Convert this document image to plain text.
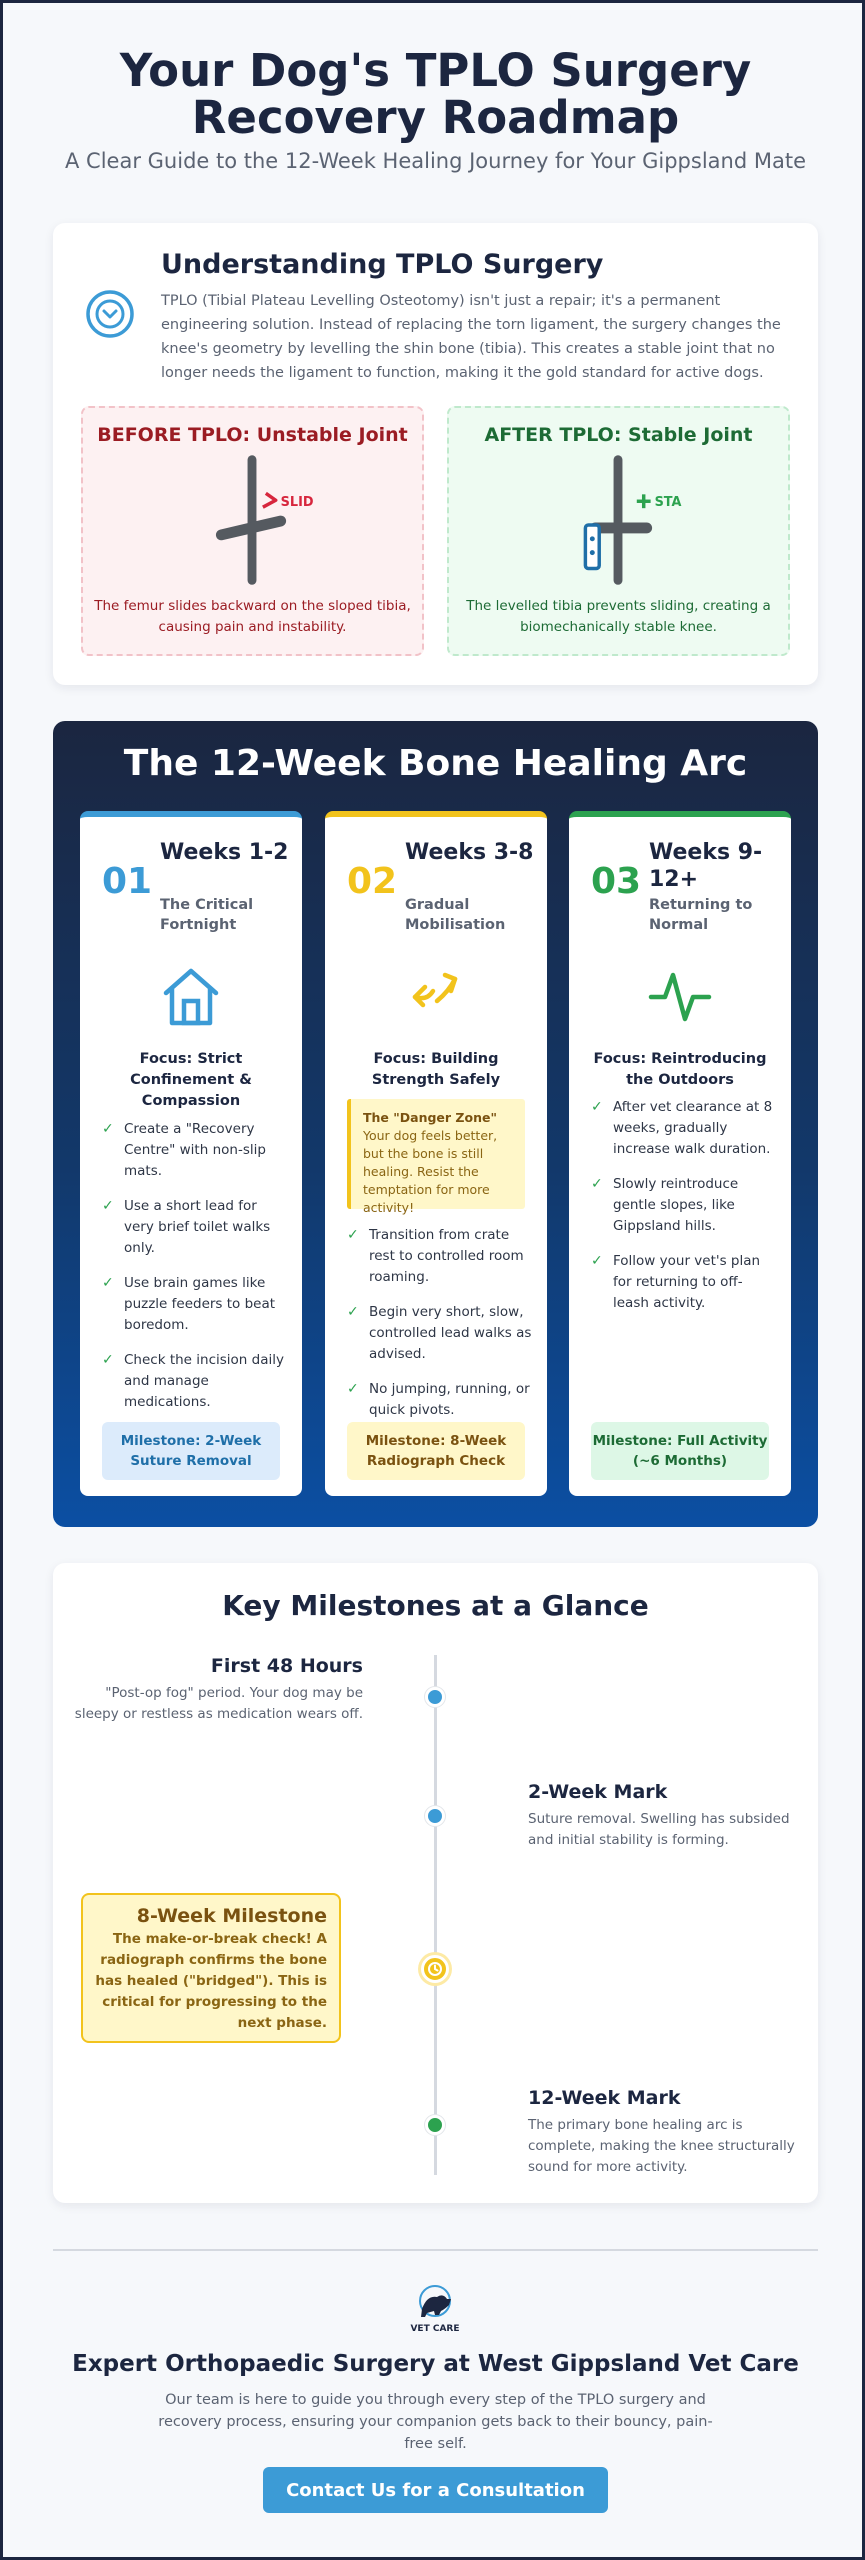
Your Dog's TPLO Surgery
Recovery Roadmap
A Clear Guide to the 12-Week Healing Journey for Your Gippsland Mate
Understanding TPLO Surgery

TPLO (Tibial Plateau Levelling Osteotomy) isn't just a repair; it's a permanent engineering solution. Instead of replacing the torn ligament, the surgery changes the knee's geometry by levelling the shin bone (tibia). This creates a stable joint that no longer needs the ligament to function, making it the gold standard for active dogs.

BEFORE TPLO: Unstable Joint
SLID
The femur slides backward on the sloped tibia, causing pain and instability.
AFTER TPLO: Stable Joint
STA
The levelled tibia prevents sliding, creating a biomechanically stable knee.
The 12-Week Bone Healing Arc
01
Weeks 1-2
The Critical Fortnight
Focus: Strict Confinement & Compassion
✓ Create a "Recovery Centre" with non-slip mats.
✓ Use a short lead for very brief toilet walks only.
✓ Use brain games like puzzle feeders to beat boredom.
✓ Check the incision daily and manage medications.
Milestone: 2-Week Suture Removal
02
Weeks 3-8
Gradual Mobilisation
Focus: Building Strength Safely
The "Danger Zone"
Your dog feels better, but the bone is still healing. Resist the temptation for more activity!
✓ Transition from crate rest to controlled room roaming.
✓ Begin very short, slow, controlled lead walks as advised.
✓ No jumping, running, or quick pivots.
Milestone: 8-Week Radiograph Check
03
Weeks 9-12+
Returning to Normal
Focus: Reintroducing the Outdoors
✓ After vet clearance at 8 weeks, gradually increase walk duration.
✓ Slowly reintroduce gentle slopes, like Gippsland hills.
✓ Follow your vet's plan for returning to off-leash activity.
Milestone: Full Activity (~6 Months)
Key Milestones at a Glance
First 48 Hours
"Post-op fog" period. Your dog may be sleepy or restless as medication wears off.
2-Week Mark
Suture removal. Swelling has subsided and initial stability is forming.
8-Week Milestone
The make-or-break check! A radiograph confirms the bone has healed ("bridged"). This is critical for progressing to the next phase.
12-Week Mark
The primary bone healing arc is complete, making the knee structurally sound for more activity.
VET CARE
Expert Orthopaedic Surgery at West Gippsland Vet Care

Our team is here to guide you through every step of the TPLO surgery and recovery process, ensuring your companion gets back to their bouncy, pain-free self.

Contact Us for a Consultation
